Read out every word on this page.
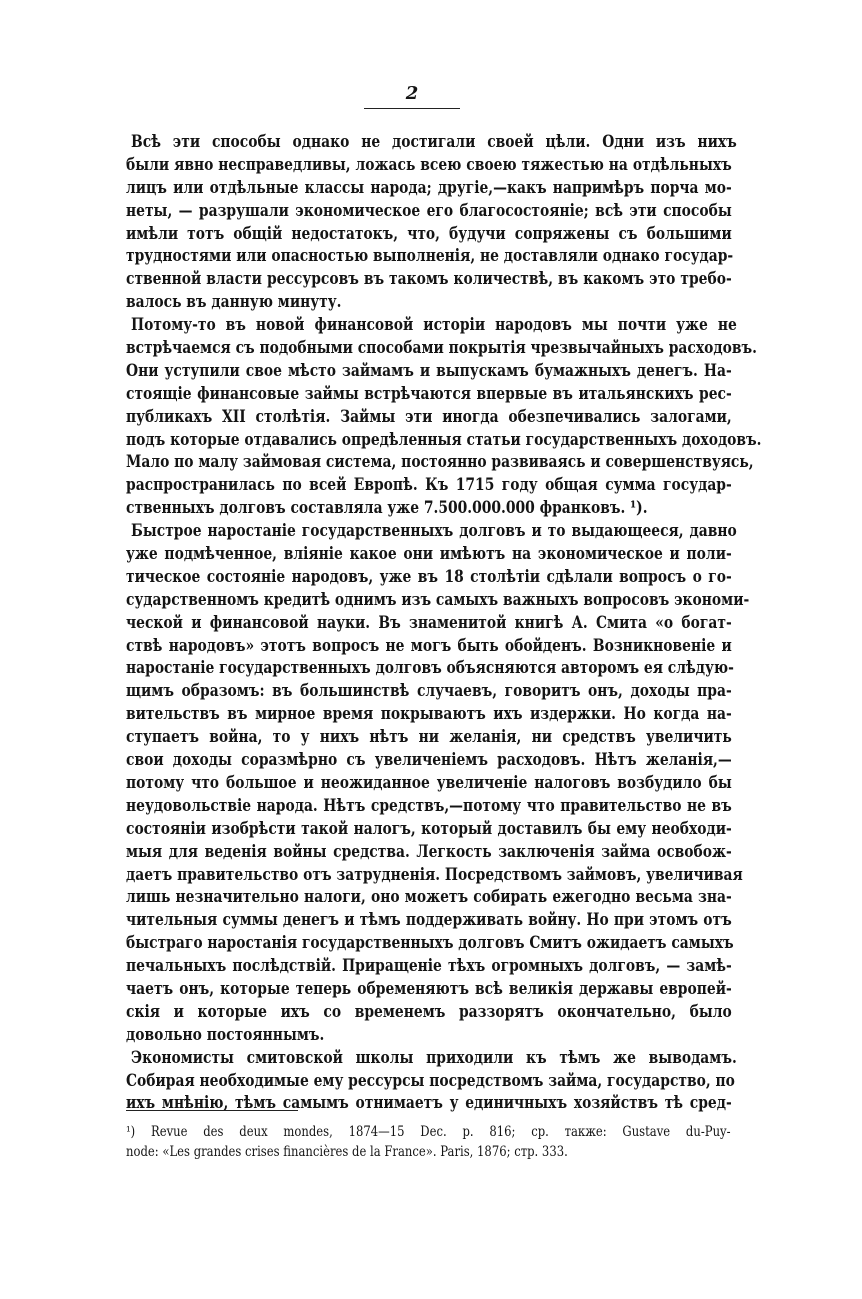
2
Всѣ эти способы однако не достигали своей цѣли. Одни изъ нихъ
были явно несправедливы, ложась всею своею тяжестью на отдѣльныхъ
лицъ или отдѣльные классы народа; другіе,—какъ напримѣръ порча мо-
неты, — разрушали экономическое его благосостояніе; всѣ эти способы
имѣли тотъ общій недостатокъ, что, будучи сопряжены съ большими
трудностями или опасностью выполненія, не доставляли однако государ-
ственной власти рессурсовъ въ такомъ количествѣ, въ какомъ это требо-
валось въ данную минуту.
Потому-то въ новой финансовой исторіи народовъ мы почти уже не
встрѣчаемся съ подобными способами покрытія чрезвычайныхъ расходовъ.
Они уступили свое мѣсто займамъ и выпускамъ бумажныхъ денегъ. На-
стоящіе финансовые займы встрѣчаются впервые въ итальянскихъ рес-
публикахъ XII столѣтія. Займы эти иногда обезпечивались залогами,
подъ которые отдавались опредѣленныя статьи государственныхъ доходовъ.
Мало по малу займовая система, постоянно развиваясь и совершенствуясь,
распространилась по всей Европѣ. Къ 1715 году общая сумма государ-
ственныхъ долговъ составляла уже 7.500.000.000 франковъ. ¹).
Быстрое наростаніе государственныхъ долговъ и то выдающееся, давно
уже подмѣченное, вліяніе какое они имѣютъ на экономическое и поли-
тическое состояніе народовъ, уже въ 18 столѣтіи сдѣлали вопросъ о го-
сударственномъ кредитѣ однимъ изъ самыхъ важныхъ вопросовъ экономи-
ческой и финансовой науки. Въ знаменитой книгѣ А. Смита «о богат-
ствѣ народовъ» этотъ вопросъ не могъ быть обойденъ. Возникновеніе и
наростаніе государственныхъ долговъ объясняются авторомъ ея слѣдую-
щимъ образомъ: въ большинствѣ случаевъ, говоритъ онъ, доходы пра-
вительствъ въ мирное время покрываютъ ихъ издержки. Но когда на-
ступаетъ война, то у нихъ нѣтъ ни желанія, ни средствъ увеличить
свои доходы соразмѣрно съ увеличеніемъ расходовъ. Нѣтъ желанія,—
потому что большое и неожиданное увеличеніе налоговъ возбудило бы
неудовольствіе народа. Нѣтъ средствъ,—потому что правительство не въ
состояніи изобрѣсти такой налогъ, который доставилъ бы ему необходи-
мыя для веденія войны средства. Легкость заключенія займа освобож-
даетъ правительство отъ затрудненія. Посредствомъ займовъ, увеличивая
лишь незначительно налоги, оно можетъ собирать ежегодно весьма зна-
чительныя суммы денегъ и тѣмъ поддерживать войну. Но при этомъ отъ
быстраго наростанія государственныхъ долговъ Смитъ ожидаетъ самыхъ
печальныхъ послѣдствій. Приращеніе тѣхъ огромныхъ долговъ, — замѣ-
чаетъ онъ, которые теперь обременяютъ всѣ великія державы европей-
скія и которые ихъ со временемъ раззорятъ окончательно, было
довольно постояннымъ.
Экономисты смитовской школы приходили къ тѣмъ же выводамъ.
Собирая необходимые ему рессурсы посредствомъ займа, государство, по
ихъ мнѣнію, тѣмъ самымъ отнимаетъ у единичныхъ хозяйствъ тѣ сред-
¹) Revue des deux mondes, 1874—15 Dec. p. 816; ср. также: Gustave du-Puy-
node: «Les grandes crises financières de la France». Paris, 1876; стр. 333.
